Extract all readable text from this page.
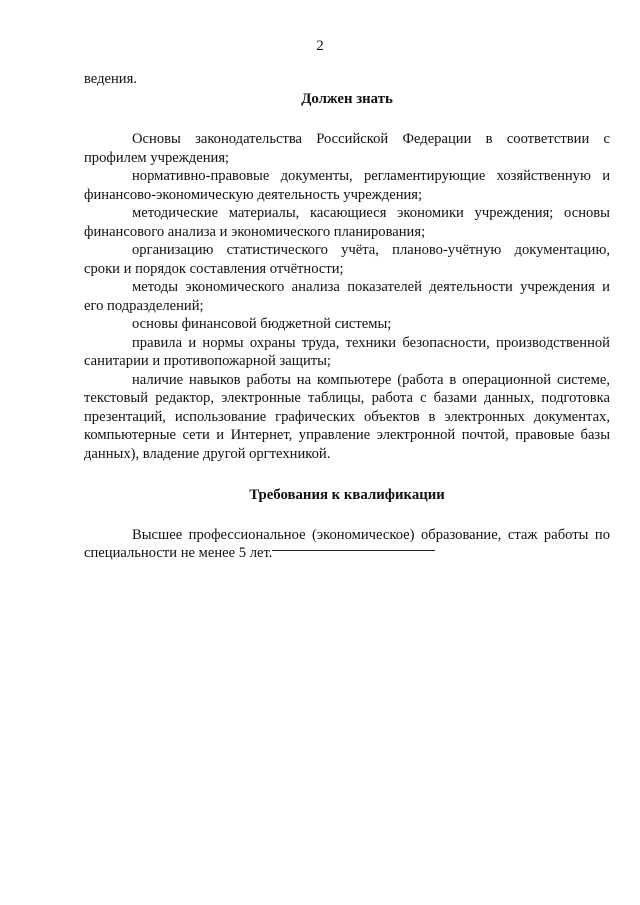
2

ведения.

Должен знать

Основы законодательства Российской Федерации в соответствии с профилем учреждения;

нормативно-правовые документы, регламентирующие хозяйственную и финансово-экономическую деятельность учреждения;

методические материалы, касающиеся экономики учреждения; основы финансового анализа и экономического планирования;

организацию статистического учёта, планово-учётную документацию, сроки и порядок составления отчётности;

методы экономического анализа показателей деятельности учреждения и его подразделений;

основы финансовой бюджетной системы;

правила и нормы охраны труда, техники безопасности, производственной санитарии и противопожарной защиты;

наличие навыков работы на компьютере (работа в операционной системе, текстовый редактор, электронные таблицы, работа с базами данных, подготовка презентаций, использование графических объектов в электронных документах, компьютерные сети и Интернет, управление электронной почтой, правовые базы данных), владение другой оргтехникой.

Требования к квалификации

Высшее профессиональное (экономическое) образование, стаж работы по специальности не менее 5 лет.
